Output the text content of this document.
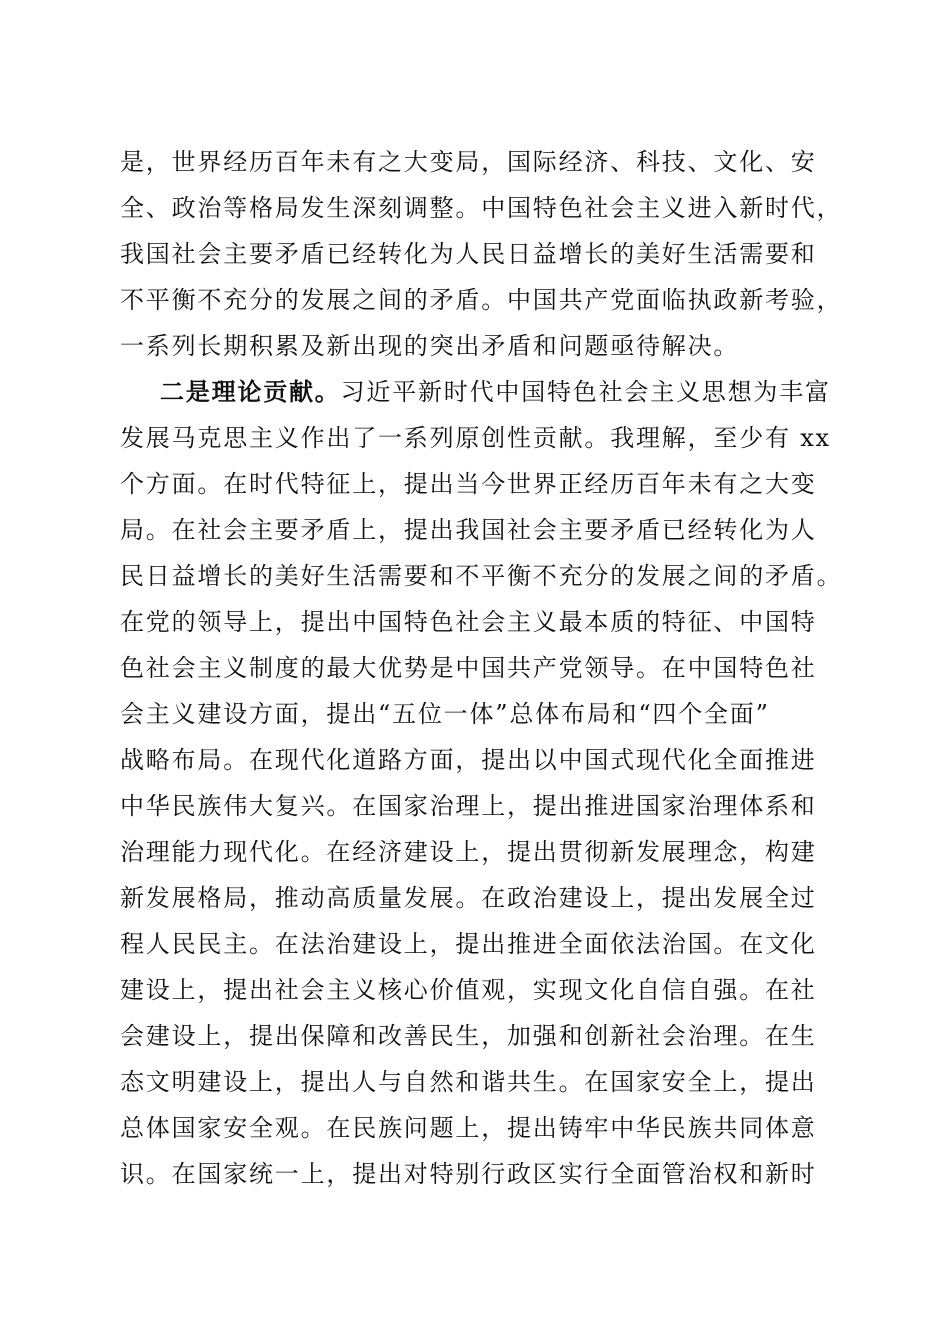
是，世界经历百年未有之大变局，国际经济、科技、文化、安
全、政治等格局发生深刻调整。中国特色社会主义进入新时代，
我国社会主要矛盾已经转化为人民日益增长的美好生活需要和
不平衡不充分的发展之间的矛盾。中国共产党面临执政新考验，
一系列长期积累及新出现的突出矛盾和问题亟待解决。
二是理论贡献。习近平新时代中国特色社会主义思想为丰富
发展马克思主义作出了一系列原创性贡献。我理解，至少有 xx
个方面。在时代特征上，提出当今世界正经历百年未有之大变
局。在社会主要矛盾上，提出我国社会主要矛盾已经转化为人
民日益增长的美好生活需要和不平衡不充分的发展之间的矛盾。
在党的领导上，提出中国特色社会主义最本质的特征、中国特
色社会主义制度的最大优势是中国共产党领导。在中国特色社
会主义建设方面，提出“五位一体”总体布局和“四个全面”
战略布局。在现代化道路方面，提出以中国式现代化全面推进
中华民族伟大复兴。在国家治理上，提出推进国家治理体系和
治理能力现代化。在经济建设上，提出贯彻新发展理念，构建
新发展格局，推动高质量发展。在政治建设上，提出发展全过
程人民民主。在法治建设上，提出推进全面依法治国。在文化
建设上，提出社会主义核心价值观，实现文化自信自强。在社
会建设上，提出保障和改善民生，加强和创新社会治理。在生
态文明建设上，提出人与自然和谐共生。在国家安全上，提出
总体国家安全观。在民族问题上，提出铸牢中华民族共同体意
识。在国家统一上，提出对特别行政区实行全面管治权和新时
